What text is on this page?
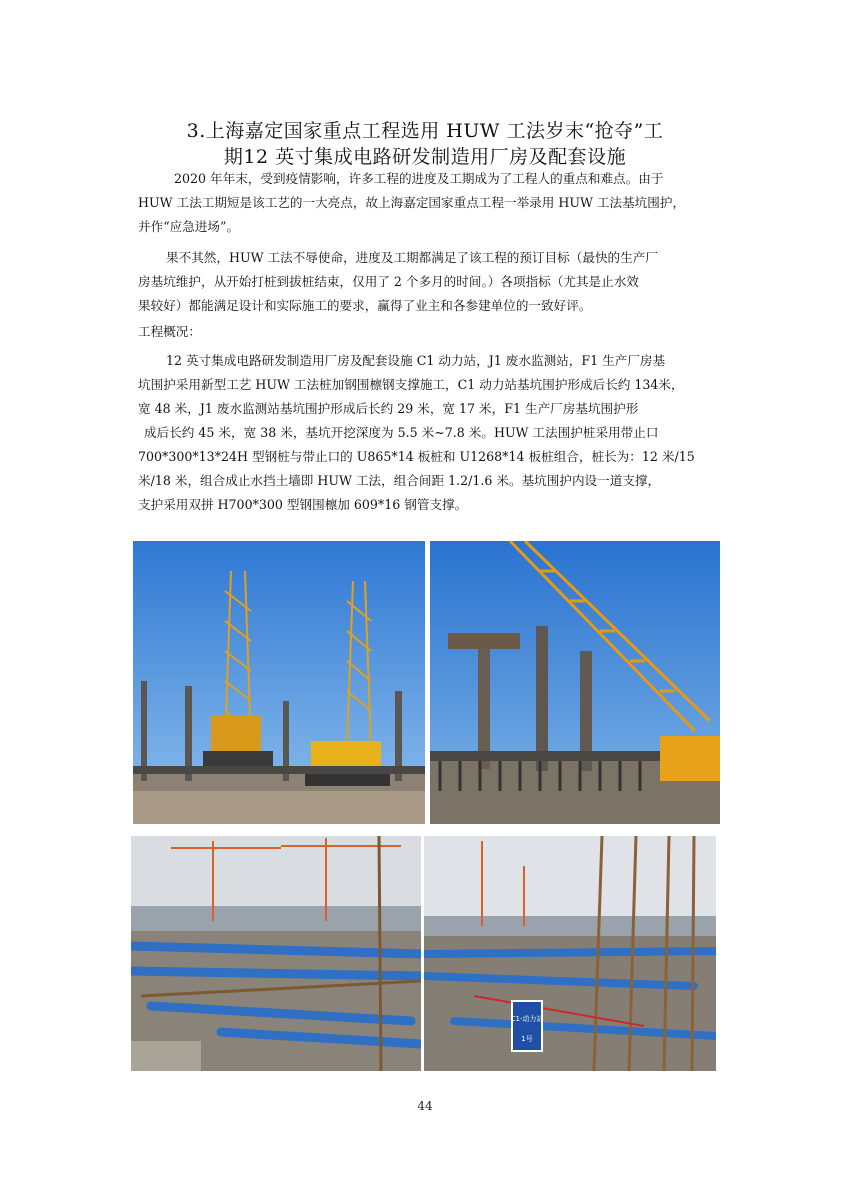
3.上海嘉定国家重点工程选用 HUW 工法岁末“抢夺”工
期12 英寸集成电路研发制造用厂房及配套设施
2020 年年末，受到疫情影响，许多工程的进度及工期成为了工程人的重点和难点。由于
HUW 工法工期短是该工艺的一大亮点，故上海嘉定国家重点工程一举录用 HUW 工法基坑围护，
并作“应急进场”。
果不其然，HUW 工法不辱使命，进度及工期都满足了该工程的预订目标（最快的生产厂
房基坑维护，从开始打桩到拔桩结束，仅用了 2 个多月的时间。）各项指标（尤其是止水效
果较好）都能满足设计和实际施工的要求，赢得了业主和各参建单位的一致好评。
工程概况：
12 英寸集成电路研发制造用厂房及配套设施 C1 动力站，J1 废水监测站，F1 生产厂房基
坑围护采用新型工艺 HUW 工法桩加钢围檩钢支撑施工，C1 动力站基坑围护形成后长约 134米，
宽 48 米，J1 废水监测站基坑围护形成后长约 29 米，宽 17 米，F1 生产厂房基坑围护形
成后长约 45 米，宽 38 米，基坑开挖深度为 5.5 米~7.8 米。HUW 工法围护桩采用带止口
700*300*13*24H 型钢桩与带止口的 U865*14 板桩和 U1268*14 板桩组合，桩长为：12 米/15
米/18 米，组合成止水挡土墙即 HUW 工法，组合间距 1.2/1.6 米。基坑围护内设一道支撑，
支护采用双拼 H700*300 型钢围檩加 609*16 钢管支撑。
C1-动力站
1号
44
